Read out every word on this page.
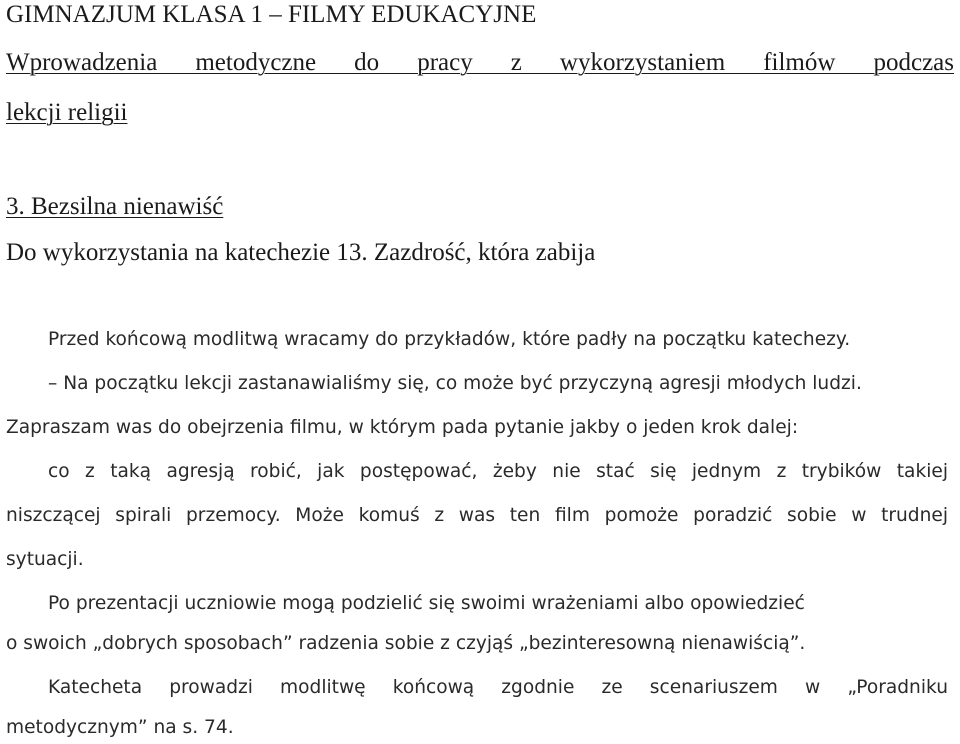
GIMNAZJUM KLASA 1 – FILMY EDUKACYJNE
Wprowadzenia metodyczne do pracy z wykorzystaniem filmów podczas
lekcji religii
3. Bezsilna nienawiść
Do wykorzystania na katechezie 13. Zazdrość, która zabija
Przed końcową modlitwą wracamy do przykładów, które padły na początku katechezy.
– Na początku lekcji zastanawialiśmy się, co może być przyczyną agresji młodych ludzi.
Zapraszam was do obejrzenia filmu, w którym pada pytanie jakby o jeden krok dalej:
co z taką agresją robić, jak postępować, żeby nie stać się jednym z trybików takiej
niszczącej spirali przemocy. Może komuś z was ten film pomoże poradzić sobie w trudnej
sytuacji.
Po prezentacji uczniowie mogą podzielić się swoimi wrażeniami albo opowiedzieć
o swoich „dobrych sposobach” radzenia sobie z czyjąś „bezinteresowną nienawiścią”.
Katecheta prowadzi modlitwę końcową zgodnie ze scenariuszem w „Poradniku
metodycznym” na s. 74.
